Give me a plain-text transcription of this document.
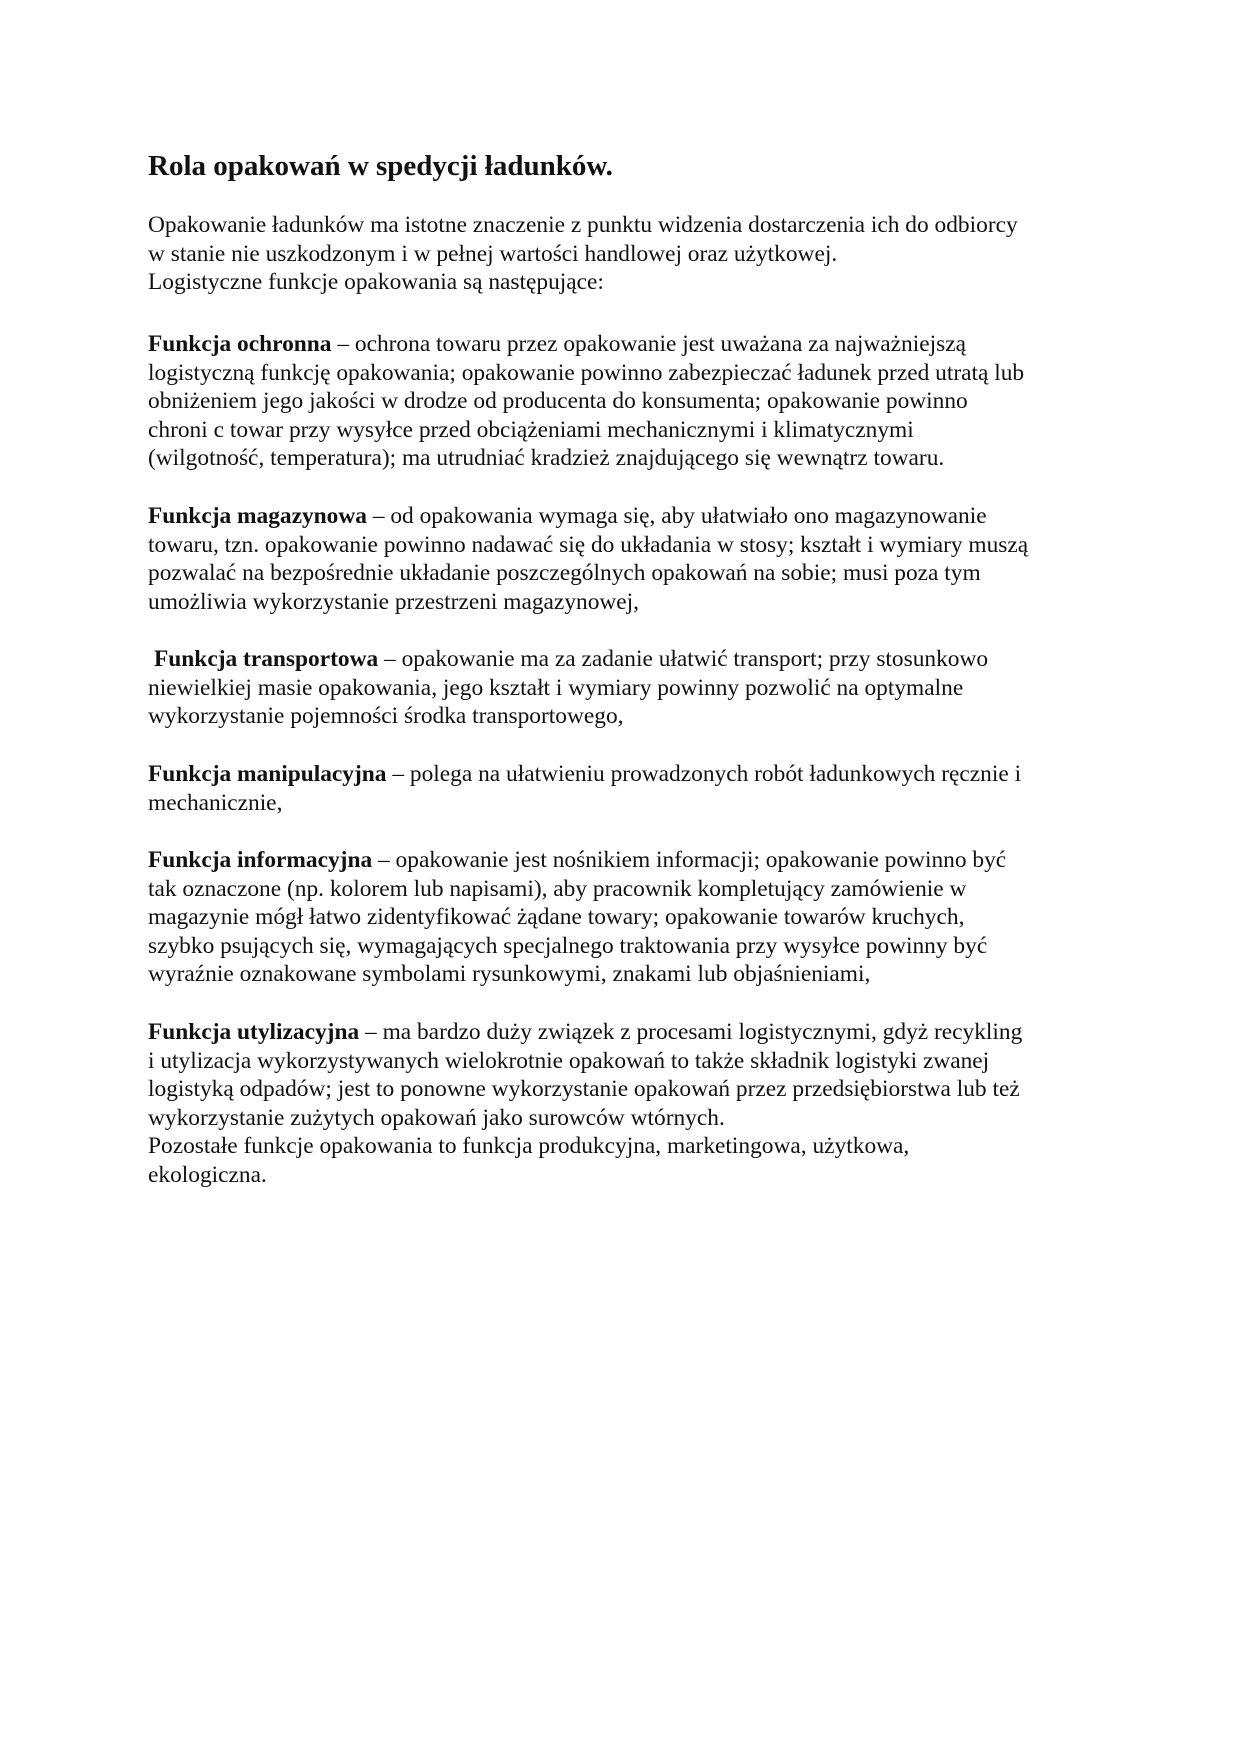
Rola opakowań w spedycji ładunków.

Opakowanie ładunków ma istotne znaczenie z punktu widzenia dostarczenia ich do odbiorcy
w stanie nie uszkodzonym i w pełnej wartości handlowej oraz użytkowej.
Logistyczne funkcje opakowania są następujące:

Funkcja ochronna – ochrona towaru przez opakowanie jest uważana za najważniejszą
logistyczną funkcję opakowania; opakowanie powinno zabezpieczać ładunek przed utratą lub
obniżeniem jego jakości w drodze od producenta do konsumenta; opakowanie powinno
chroni c towar przy wysyłce przed obciążeniami mechanicznymi i klimatycznymi
(wilgotność, temperatura); ma utrudniać kradzież znajdującego się wewnątrz towaru.

Funkcja magazynowa – od opakowania wymaga się, aby ułatwiało ono magazynowanie
towaru, tzn. opakowanie powinno nadawać się do układania w stosy; kształt i wymiary muszą
pozwalać na bezpośrednie układanie poszczególnych opakowań na sobie; musi poza tym
umożliwia wykorzystanie przestrzeni magazynowej,

Funkcja transportowa – opakowanie ma za zadanie ułatwić transport; przy stosunkowo
niewielkiej masie opakowania, jego kształt i wymiary powinny pozwolić na optymalne
wykorzystanie pojemności środka transportowego,

Funkcja manipulacyjna – polega na ułatwieniu prowadzonych robót ładunkowych ręcznie i
mechanicznie,

Funkcja informacyjna – opakowanie jest nośnikiem informacji; opakowanie powinno być
tak oznaczone (np. kolorem lub napisami), aby pracownik kompletujący zamówienie w
magazynie mógł łatwo zidentyfikować żądane towary; opakowanie towarów kruchych,
szybko psujących się, wymagających specjalnego traktowania przy wysyłce powinny być
wyraźnie oznakowane symbolami rysunkowymi, znakami lub objaśnieniami,

Funkcja utylizacyjna – ma bardzo duży związek z procesami logistycznymi, gdyż recykling
i utylizacja wykorzystywanych wielokrotnie opakowań to także składnik logistyki zwanej
logistyką odpadów; jest to ponowne wykorzystanie opakowań przez przedsiębiorstwa lub też
wykorzystanie zużytych opakowań jako surowców wtórnych.
Pozostałe funkcje opakowania to funkcja produkcyjna, marketingowa, użytkowa,
ekologiczna.
